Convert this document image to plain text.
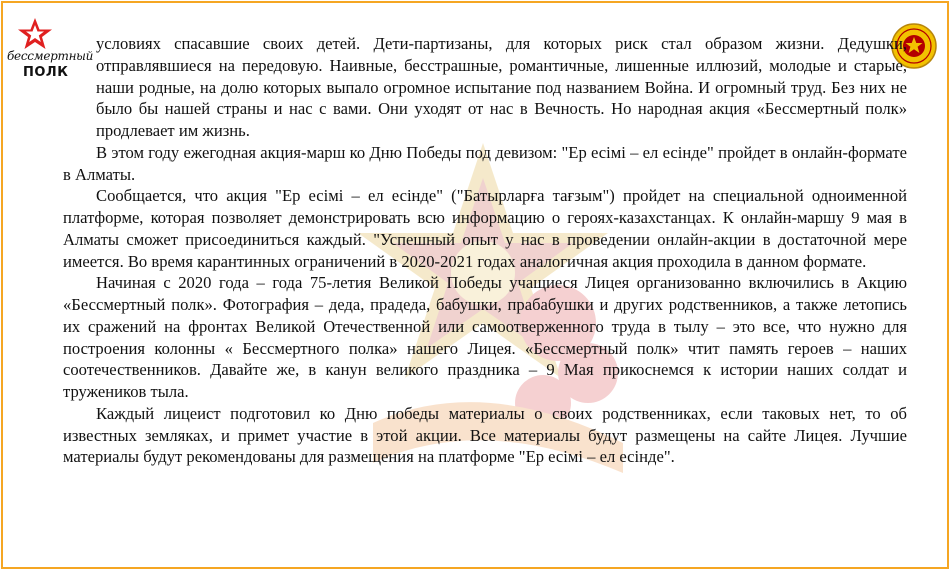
бессмертный
ПОЛК

условиях спасавшие своих детей. Дети-партизаны, для которых риск стал образом жизни. Дедушки, отправлявшиеся на передовую. Наивные, бесстрашные, романтичные, лишенные иллюзий, молодые и старые, наши родные, на долю которых выпало огромное испытание под названием Война. И огромный труд. Без них не было бы нашей страны и нас с вами. Они уходят от нас в Вечность. Но народная акция «Бессмертный полк» продлевает им жизнь.

В этом году ежегодная акция-марш ко Дню Победы под девизом: "Ер есімі – ел есінде" пройдет в онлайн-формате в Алматы.

Сообщается, что акция "Ер есімі – ел есінде" ("Батырларға тағзым") пройдет на специальной одноименной платформе, которая позволяет демонстрировать всю информацию о героях-казахстанцах. К онлайн-маршу 9 мая в Алматы сможет присоединиться каждый. "Успешный опыт у нас в проведении онлайн-акции в достаточной мере имеется. Во время карантинных ограничений в 2020-2021 годах аналогичная акция проходила в данном формате.

Начиная с 2020 года – года 75-летия Великой Победы учащиеся Лицея организованно включились в Акцию «Бессмертный полк». Фотография – деда, прадеда, бабушки, прабабушки и других родственников, а также летопись их сражений на фронтах Великой Отечественной или самоотверженного труда в тылу – это все, что нужно для построения колонны « Бессмертного полка» нашего Лицея. «Бессмертный полк» чтит память героев – наших соотечественников. Давайте же, в канун великого праздника – 9 Мая прикоснемся к истории наших солдат и тружеников тыла.

Каждый лицеист подготовил ко Дню победы материалы о своих родственниках, если таковых нет, то об известных земляках, и примет участие в этой акции. Все материалы будут размещены на сайте Лицея. Лучшие материалы будут рекомендованы для размещения на платформе "Ер есімі – ел есінде".
